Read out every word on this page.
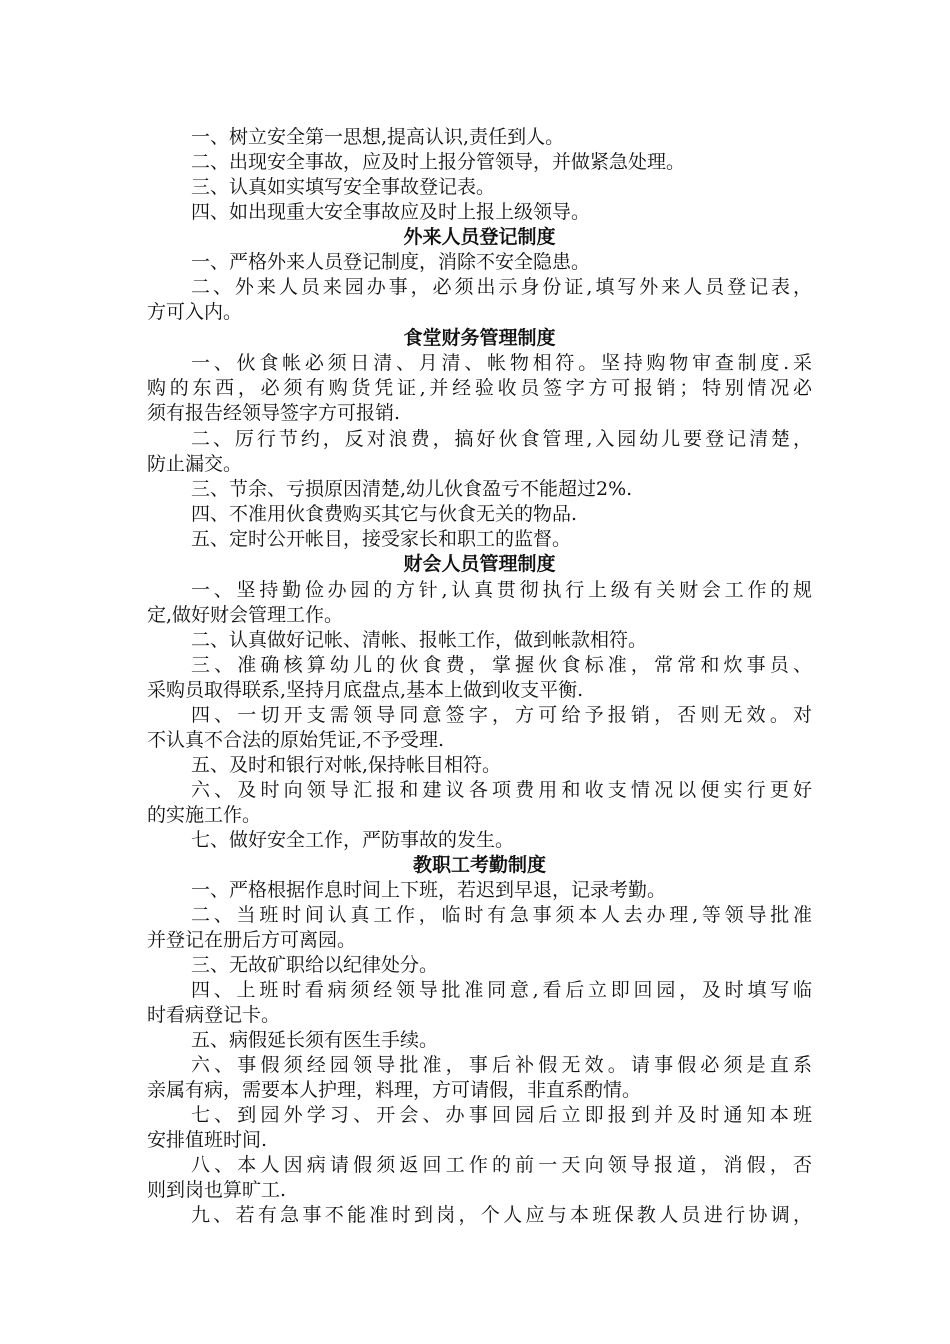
一、树立安全第一思想,提高认识,责任到人。
二、出现安全事故，应及时上报分管领导，并做紧急处理。
三、认真如实填写安全事故登记表。
四、如出现重大安全事故应及时上报上级领导。
外来人员登记制度
一、严格外来人员登记制度，消除不安全隐患。
二、外来人员来园办事，必须出示身份证,填写外来人员登记表，
方可入内。
食堂财务管理制度
一、伙食帐必须日清、月清、帐物相符。坚持购物审查制度.采
购的东西，必须有购货凭证,并经验收员签字方可报销；特别情况必
须有报告经领导签字方可报销.
二、厉行节约，反对浪费，搞好伙食管理,入园幼儿要登记清楚，
防止漏交。
三、节余、亏损原因清楚,幼儿伙食盈亏不能超过2%.
四、不准用伙食费购买其它与伙食无关的物品.
五、定时公开帐目，接受家长和职工的监督。
财会人员管理制度
一、坚持勤俭办园的方针,认真贯彻执行上级有关财会工作的规
定,做好财会管理工作。
二、认真做好记帐、清帐、报帐工作，做到帐款相符。
三、准确核算幼儿的伙食费，掌握伙食标准，常常和炊事员、
采购员取得联系,坚持月底盘点,基本上做到收支平衡.
四、一切开支需领导同意签字，方可给予报销，否则无效。对
不认真不合法的原始凭证,不予受理.
五、及时和银行对帐,保持帐目相符。
六、及时向领导汇报和建议各项费用和收支情况以便实行更好
的实施工作。
七、做好安全工作，严防事故的发生。
教职工考勤制度
一、严格根据作息时间上下班，若迟到早退，记录考勤。
二、当班时间认真工作，临时有急事须本人去办理,等领导批准
并登记在册后方可离园。
三、无故矿职给以纪律处分。
四、上班时看病须经领导批准同意,看后立即回园，及时填写临
时看病登记卡。
五、病假延长须有医生手续。
六、事假须经园领导批准，事后补假无效。请事假必须是直系
亲属有病，需要本人护理，料理，方可请假，非直系酌情。
七、到园外学习、开会、办事回园后立即报到并及时通知本班
安排值班时间.
八、本人因病请假须返回工作的前一天向领导报道，消假，否
则到岗也算旷工.
九、若有急事不能准时到岗，个人应与本班保教人员进行协调，
